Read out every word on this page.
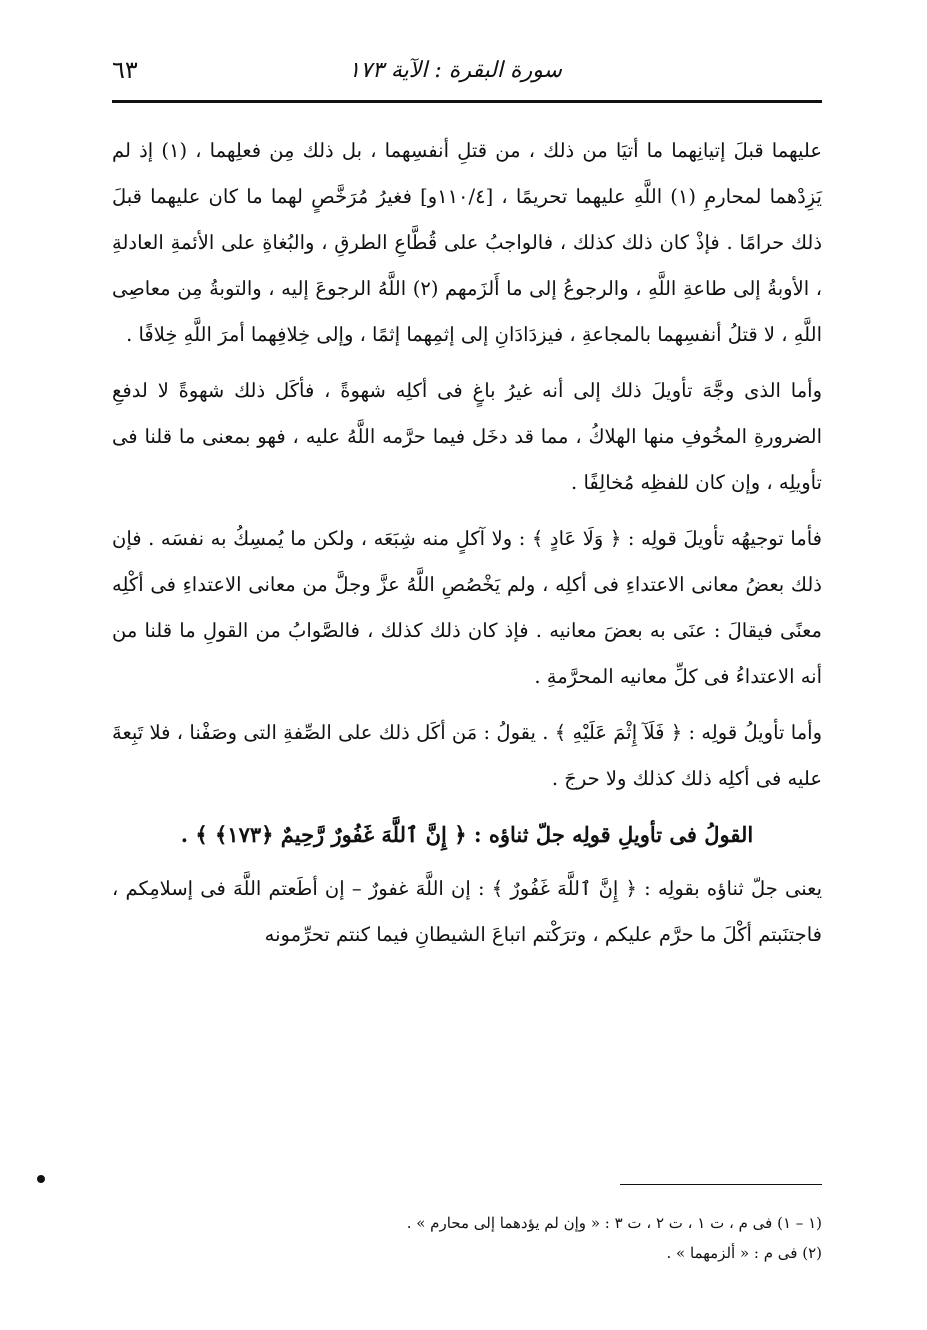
سورة البقرة : الآية ١٧٣
٦٣

عليهما قبلَ إتيانِهما ما أتيَا من ذلك ، من قتلِ أنفسِهما ، بل ذلك مِن فعلِهما ، (١) إذ لم يَزِدْهما لمحارمِ (١) اللَّهِ عليهما تحريمًا ، [١١٠/٤و] فغيرُ مُرَخَّصٍ لهما ما كان عليهما قبلَ ذلك حرامًا . فإذْ كان ذلك كذلك ، فالواجبُ على قُطَّاعِ الطرقِ ، والبُغاةِ على الأئمةِ العادلةِ ، الأوبةُ إلى طاعةِ اللَّهِ ، والرجوعُ إلى ما أَلزَمهم (٢) اللَّهُ الرجوعَ إليه ، والتوبةُ مِن معاصِى اللَّهِ ، لا قتلُ أنفسِهما بالمجاعةِ ، فيزدَادَانِ إلى إثمِهما إثمًا ، وإلى خِلافِهما أمرَ اللَّهِ خِلافًا .

وأما الذى وجَّهَ تأويلَ ذلك إلى أنه غيرُ باغٍ فى أكلِه شهوةً ، فأكَل ذلك شهوةً لا لدفعِ الضرورةِ المخُوفِ منها الهلاكُ ، مما قد دخَل فيما حرَّمه اللَّهُ عليه ، فهو بمعنى ما قلنا فى تأويلِه ، وإن كان للفظِه مُخالِفًا .

فأما توجيهُه تأويلَ قولِه : ﴿ وَلَا عَادٍ ﴾ : ولا آكلٍ منه شِبَعَه ، ولكن ما يُمسِكُ به نفسَه . فإن ذلك بعضُ معانى الاعتداءِ فى أكلِه ، ولم يَخْصُصِ اللَّهُ عزَّ وجلَّ من معانى الاعتداءِ فى أكْلِه معنًى فيقالَ : عنَى به بعضَ معانيه . فإذ كان ذلك كذلك ، فالصَّوابُ من القولِ ما قلنا من أنه الاعتداءُ فى كلِّ معانيه المحرَّمةِ .

وأما تأويلُ قولِه : ﴿ فَلَآ إِثْمَ عَلَيْهِ ﴾ . يقولُ : مَن أكَل ذلك على الصِّفةِ التى وصَفْنا ، فلا تَبِعةَ عليه فى أكلِه ذلك كذلك ولا حرجَ .

القولُ فى تأويلِ قولِه جلّ ثناؤه : ﴿ إِنَّ ٱللَّهَ غَفُورٌ رَّحِيمٌ ﴿١٧٣﴾ ﴾ .

يعنى جلّ ثناؤه بقولِه : ﴿ إِنَّ ٱللَّهَ غَفُورٌ ﴾ : إن اللَّهَ غفورٌ – إن أطَعتم اللَّهَ فى إسلامِكم ، فاجتنَبتم أكْلَ ما حرَّم عليكم ، وترَكْتم اتباعَ الشيطانِ فيما كنتم تحرِّمونه

(١ – ١) فى م ، ت ١ ، ت ٢ ، ت ٣ : « وإن لم يؤدهما إلى محارم » .

(٢) فى م : « ألزمهما » .
